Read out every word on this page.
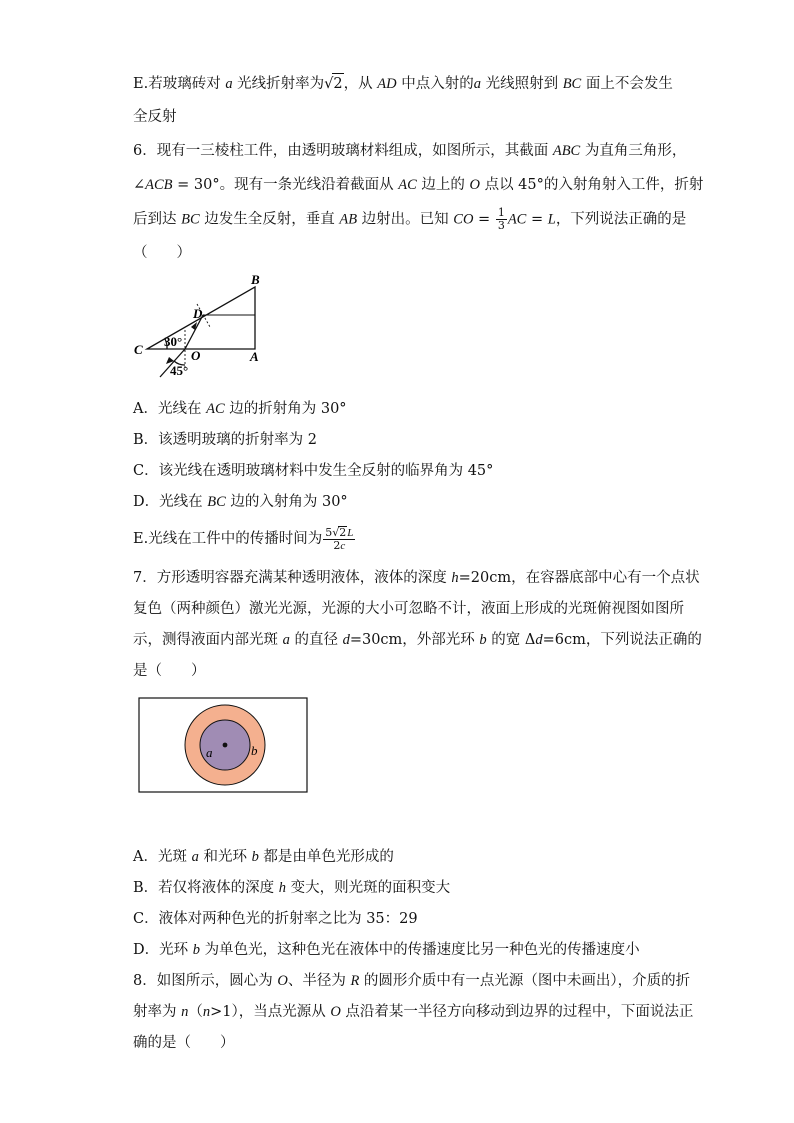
E.若玻璃砖对 a 光线折射率为√2，从 AD 中点入射的a 光线照射到 BC 面上不会发生
全反射
6．现有一三棱柱工件，由透明玻璃材料组成，如图所示，其截面 ABC 为直角三角形，
∠ACB = 30°。现有一条光线沿着截面从 AC 边上的 O 点以 45°的入射角射入工件，折射
后到达 BC 边发生全反射，垂直 AB 边射出。已知 CO = $\frac{1}{3}$ AC = L，下列说法正确的是
（　　）
B
D
C	O	A
30°
45°
A．光线在 AC 边的折射角为 30°
B．该透明玻璃的折射率为 2
C．该光线在透明玻璃材料中发生全反射的临界角为 45°
D．光线在 BC 边的入射角为 30°
E.光线在工件中的传播时间为 $\frac{5√2L}{2c}$
7．方形透明容器充满某种透明液体，液体的深度 h=20cm，在容器底部中心有一个点状
复色（两种颜色）激光光源，光源的大小可忽略不计，液面上形成的光斑俯视图如图所
示，测得液面内部光斑 a 的直径 d=30cm，外部光环 b 的宽 Δd=6cm，下列说法正确的
是（　　）
a	b
A．光斑 a 和光环 b 都是由单色光形成的
B．若仅将液体的深度 h 变大，则光斑的面积变大
C．液体对两种色光的折射率之比为 35：29
D．光环 b 为单色光，这种色光在液体中的传播速度比另一种色光的传播速度小
8．如图所示，圆心为 O、半径为 R 的圆形介质中有一点光源（图中未画出），介质的折
射率为 n（n>1），当点光源从 O 点沿着某一半径方向移动到边界的过程中，下面说法正
确的是（　　）
